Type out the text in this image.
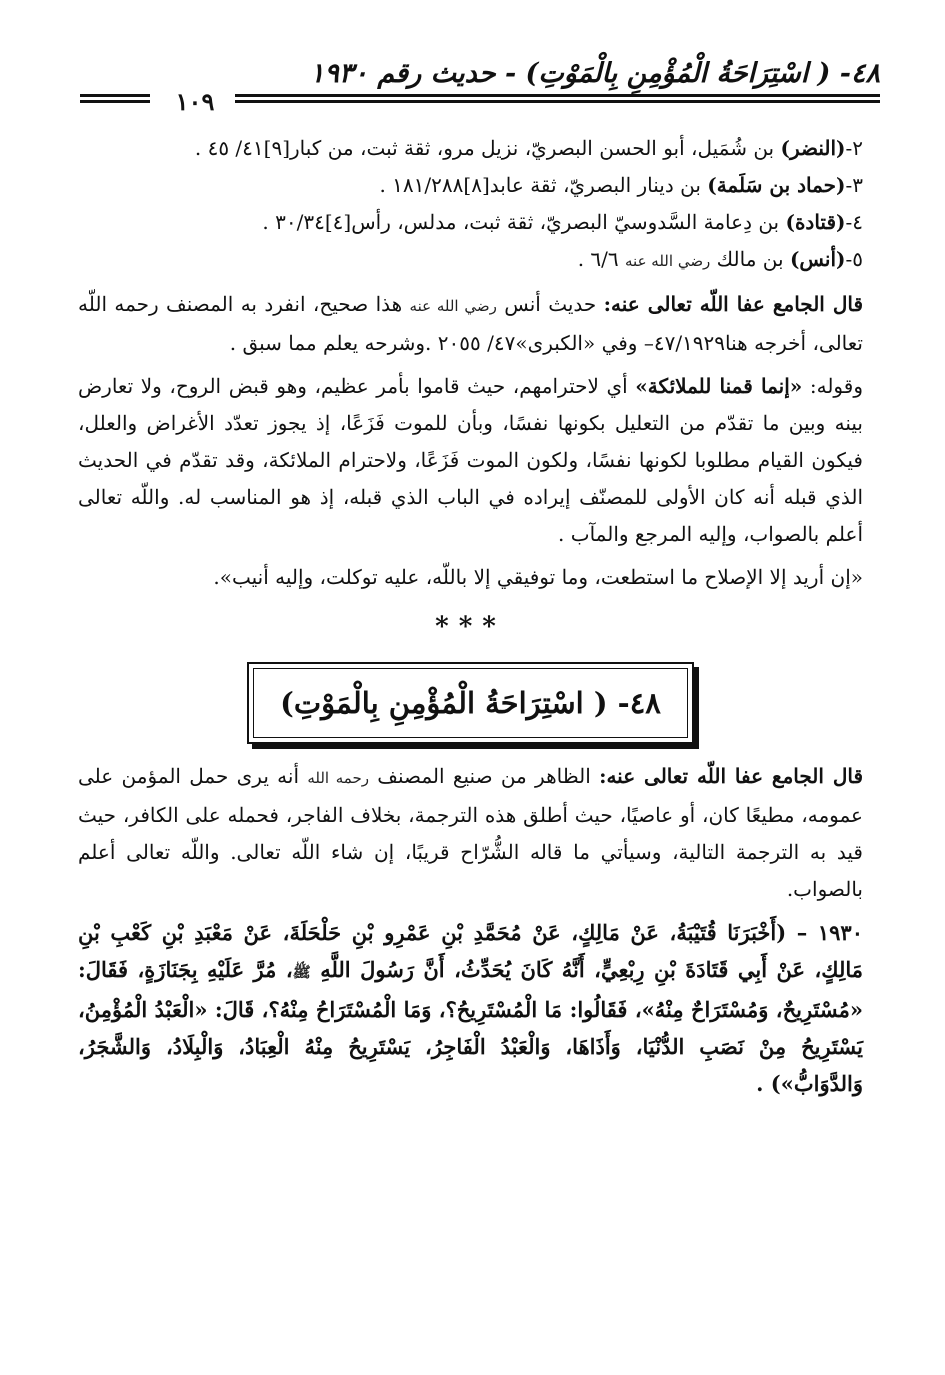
٤٨- ( اسْتِرَاحَةُ الْمُؤْمِنِ بِالْمَوْتِ) - حديث رقم ١٩٣٠
١٠٩

٢-(النضر) بن شُمَيل، أبو الحسن البصريّ، نزيل مرو، ثقة ثبت، من كبار[٩]٤١/ ٤٥ .

٣-(حماد بن سَلَمة) بن دينار البصريّ، ثقة عابد[٨]١٨١/٢٨٨ .

٤-(قتادة) بن دِعامة السَّدوسيّ البصريّ، ثقة ثبت، مدلس، رأس[٤]٣٠/٣٤ .

٥-(أنس) بن مالك رضي الله عنه ٦/٦ .

قال الجامع عفا اللّه تعالى عنه: حديث أنس رضي الله عنه هذا صحيح، انفرد به المصنف رحمه اللّه تعالى، أخرجه هنا٤٧/١٩٢٩– وفي «الكبرى»٤٧/ ٢٠٥٥ .وشرحه يعلم مما سبق .

وقوله: «إنما قمنا للملائكة» أي لاحترامهم، حيث قاموا بأمر عظيم، وهو قبض الروح، ولا تعارض بينه وبين ما تقدّم من التعليل بكونها نفسًا، وبأن للموت فَزَعًا، إذ يجوز تعدّد الأغراض والعلل، فيكون القيام مطلوبا لكونها نفسًا، ولكون الموت فَزَعًا، ولاحترام الملائكة، وقد تقدّم في الحديث الذي قبله أنه كان الأولى للمصنّف إيراده في الباب الذي قبله، إذ هو المناسب له. واللّه تعالى أعلم بالصواب، وإليه المرجع والمآب .

«إن أريد إلا الإصلاح ما استطعت، وما توفيقي إلا باللّه، عليه توكلت، وإليه أنيب».

***
٤٨- ( اسْتِرَاحَةُ الْمُؤْمِنِ بِالْمَوْتِ)

قال الجامع عفا اللّه تعالى عنه: الظاهر من صنيع المصنف رحمه الله أنه يرى حمل المؤمن على عمومه، مطيعًا كان، أو عاصيًا، حيث أطلق هذه الترجمة، بخلاف الفاجر، فحمله على الكافر، حيث قيد به الترجمة التالية، وسيأتي ما قاله الشُّرّاح قريبًا، إن شاء اللّه تعالى. واللّه تعالى أعلم بالصواب.

١٩٣٠ – (أَخْبَرَنَا قُتَيْبَةُ، عَنْ مَالِكٍ، عَنْ مُحَمَّدِ بْنِ عَمْرِو بْنِ حَلْحَلَةَ، عَنْ مَعْبَدِ بْنِ كَعْبِ بْنِ مَالِكٍ، عَنْ أَبِي قَتَادَةَ بْنِ رِبْعِيٍّ، أَنَّهُ كَانَ يُحَدِّثُ، أَنَّ رَسُولَ اللَّهِ ﷺ، مُرَّ عَلَيْهِ بِجَنَازَةٍ، فَقَالَ: «مُسْتَرِيحٌ، وَمُسْتَرَاحٌ مِنْهُ»، فَقَالُوا: مَا الْمُسْتَرِيحُ؟، وَمَا الْمُسْتَرَاحُ مِنْهُ؟، قَالَ: «الْعَبْدُ الْمُؤْمِنُ، يَسْتَرِيحُ مِنْ نَصَبِ الدُّنْيَا، وَأَذَاهَا، وَالْعَبْدُ الْفَاجِرُ، يَسْتَرِيحُ مِنْهُ الْعِبَادُ، وَالْبِلَادُ، وَالشَّجَرُ، وَالدَّوَابُّ») .
